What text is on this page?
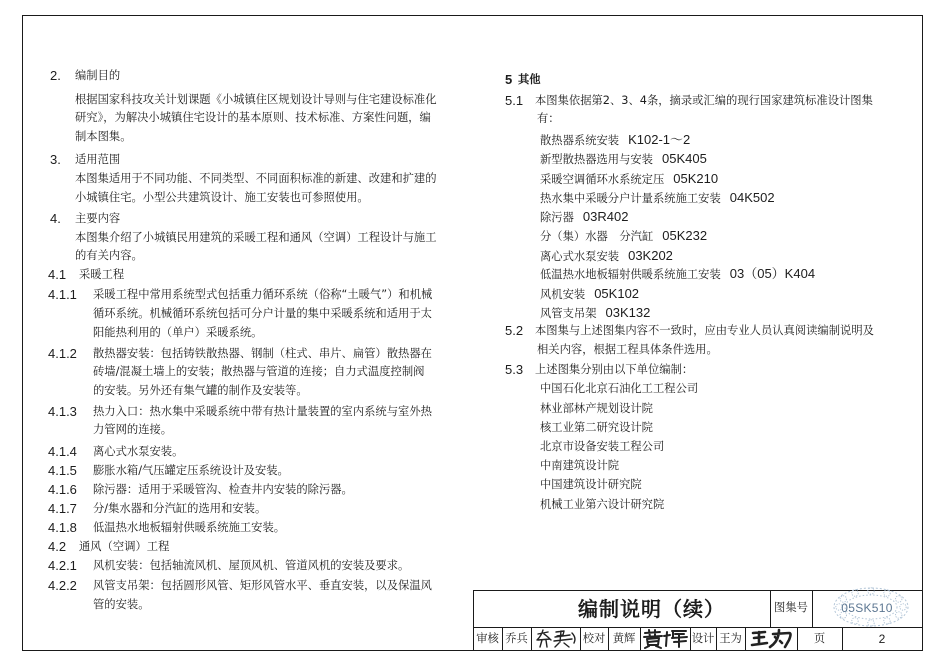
2. 编制目的
根据国家科技攻关计划课题《小城镇住区规划设计导则与住宅建设标准化
研究》，为解决小城镇住宅设计的基本原则、技术标准、方案性问题，编
制本图集。
3. 适用范围
本图集适用于不同功能、不同类型、不同面积标准的新建、改建和扩建的
小城镇住宅。小型公共建筑设计、施工安装也可参照使用。
4. 主要内容
本图集介绍了小城镇民用建筑的采暖工程和通风（空调）工程设计与施工
的有关内容。
4.1 采暖工程
4.1.1 采暖工程中常用系统型式包括重力循环系统（俗称“土暖气”）和机械
循环系统。机械循环系统包括可分户计量的集中采暖系统和适用于太
阳能热利用的（单户）采暖系统。
4.1.2 散热器安装：包括铸铁散热器、钢制（柱式、串片、扁管）散热器在
砖墙/混凝土墙上的安装；散热器与管道的连接；自力式温度控制阀
的安装。另外还有集气罐的制作及安装等。
4.1.3 热力入口：热水集中采暖系统中带有热计量装置的室内系统与室外热
力管网的连接。
4.1.4 离心式水泵安装。
4.1.5 膨胀水箱/气压罐定压系统设计及安装。
4.1.6 除污器：适用于采暖管沟、检查井内安装的除污器。
4.1.7 分/集水器和分汽缸的选用和安装。
4.1.8 低温热水地板辐射供暖系统施工安装。
4.2 通风（空调）工程
4.2.1 风机安装：包括轴流风机、屋顶风机、管道风机的安装及要求。
4.2.2 风管支吊架：包括圆形风管、矩形风管水平、垂直安装，以及保温风
管的安装。
5 其他
5.1 本图集依据第2、3、4条，摘录或汇编的现行国家建筑标准设计图集
有：
散热器系统安装 K102-1～2
新型散热器选用与安装 05K405
采暖空调循环水系统定压 05K210
热水集中采暖分户计量系统施工安装 04K502
除污器 03R402
分（集）水器 分汽缸 05K232
离心式水泵安装 03K202
低温热水地板辐射供暖系统施工安装 03（05）K404
风机安装 05K102
风管支吊架 03K132
5.2 本图集与上述图集内容不一致时，应由专业人员认真阅读编制说明及
相关内容，根据工程具体条件选用。
5.3 上述图集分别由以下单位编制：
中国石化北京石油化工工程公司
林业部林产规划设计院
核工业第二研究设计院
北京市设备安装工程公司
中南建筑设计院
中国建筑设计研究院
机械工业第六设计研究院
编制说明（续）	图集号	05SK510
审核 乔兵	校对 黄辉	设计 王为	页	2
